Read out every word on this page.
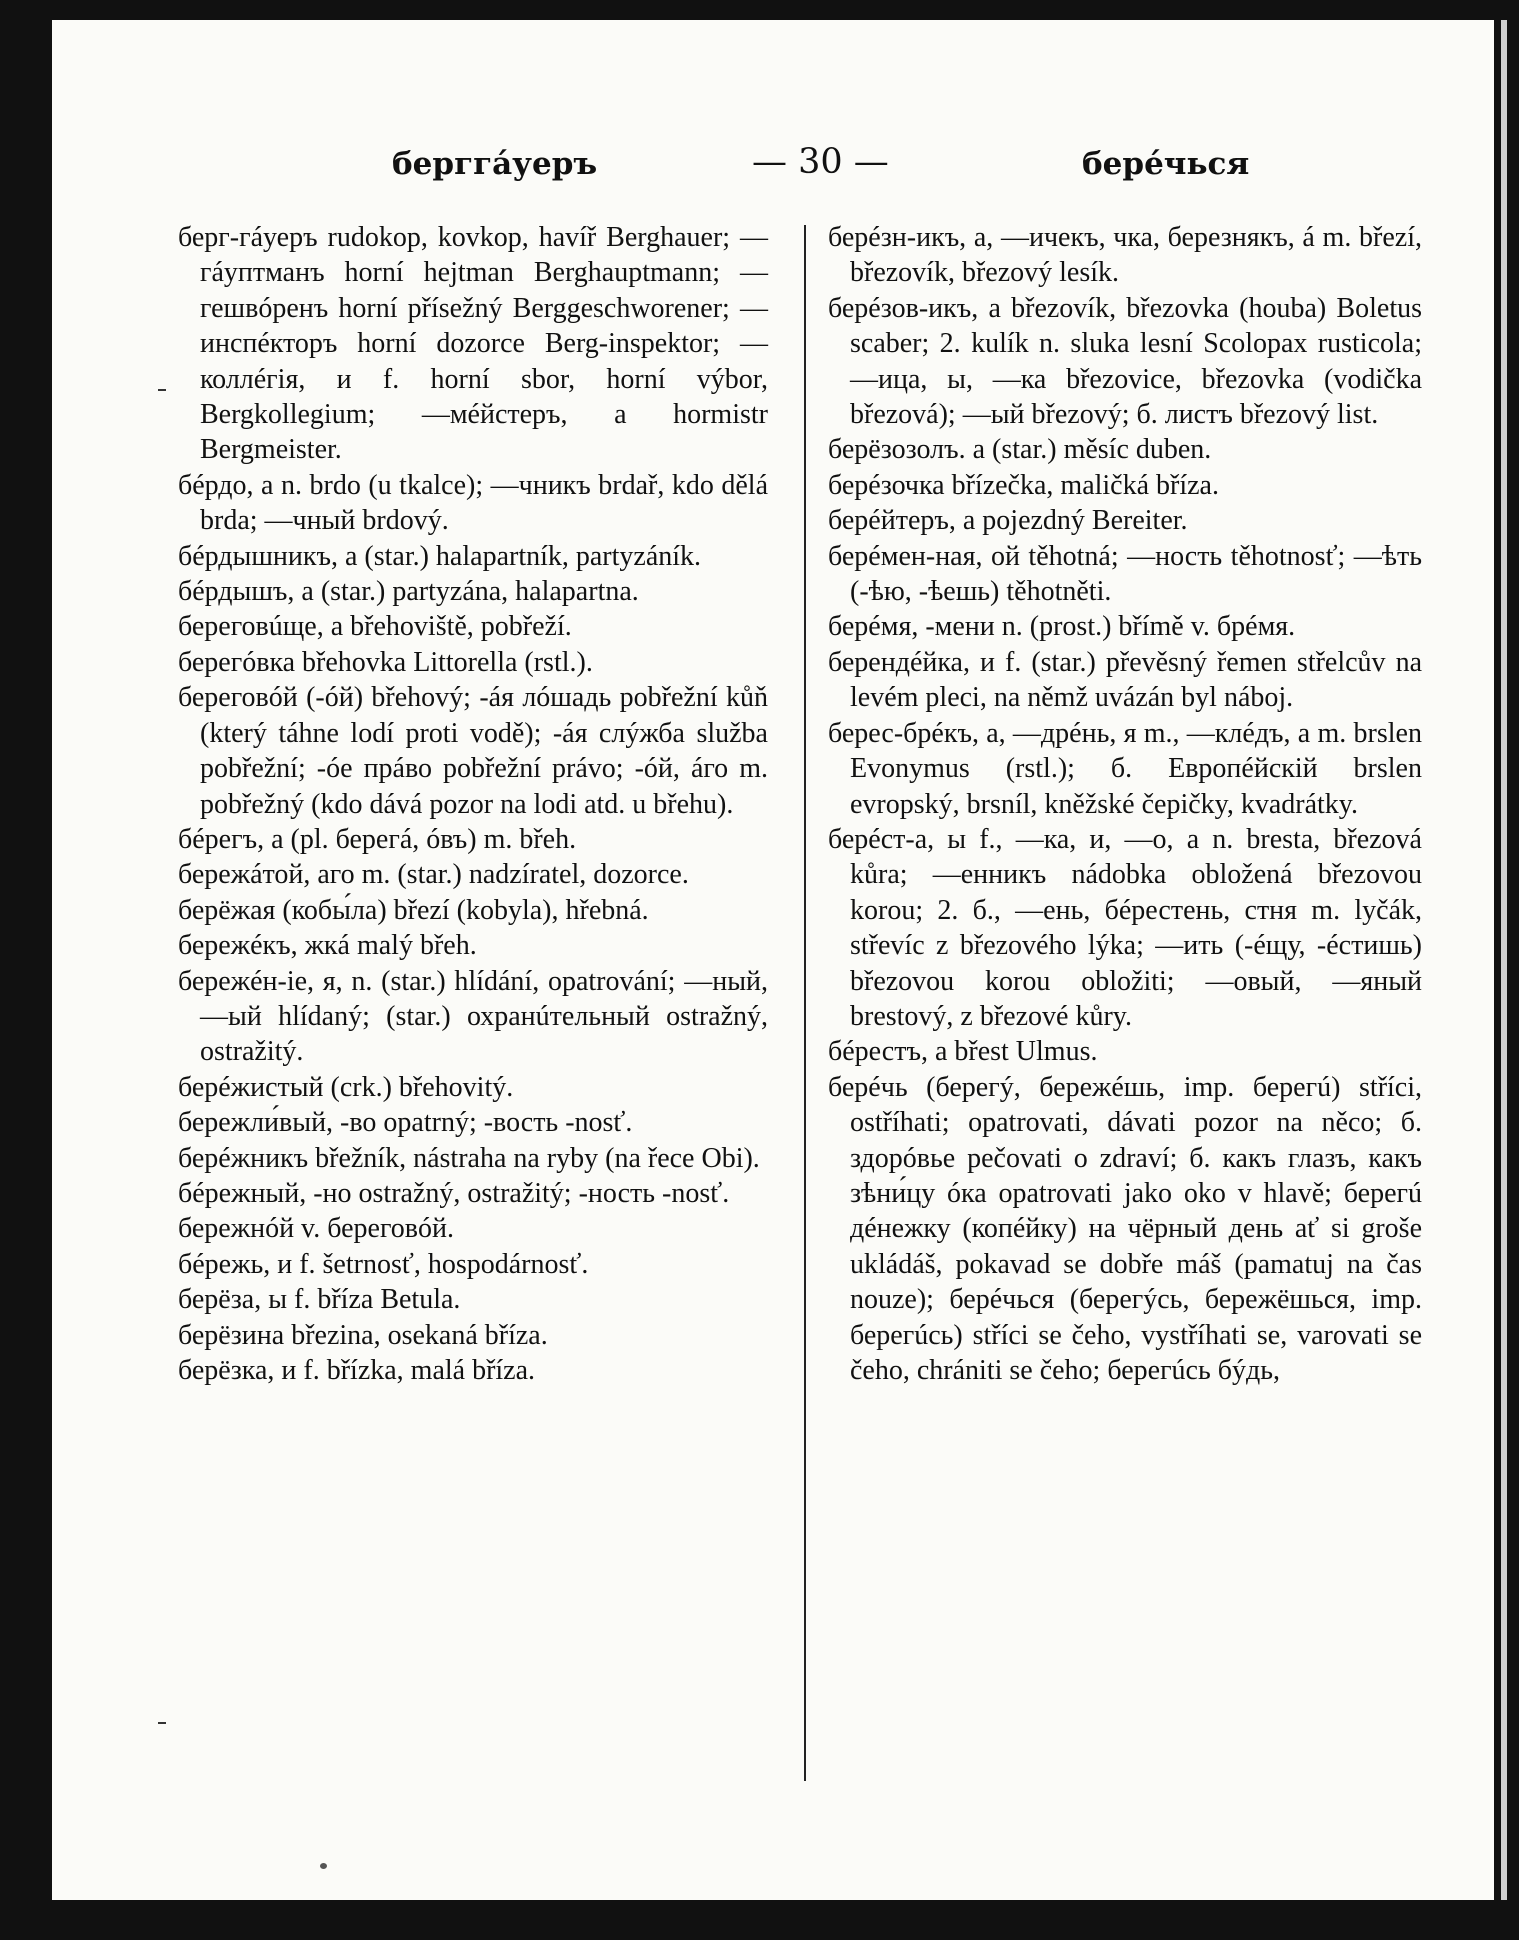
берггáуеръ	— 30 —	берéчься

берг-гáуеръ rudokop, kovkop, havíř Berghauer; —гáуптманъ horní hejtman Berghauptmann; —гешвóренъ horní přísežný Berggeschworener; —инспéкторъ horní dozorce Berg-inspektor; —коллéгія, и f. horní sbor, horní výbor, Bergkollegium; —мéйстеръ, a hormistr Bergmeister.

бéрдо, a n. brdo (u tkalce); —чникъ brdař, kdo dělá brda; —чный brdový.

бéрдышникъ, a (star.) halapartník, partyzáník.

бéрдышъ, a (star.) partyzána, halapartna.

береговúще, a břehoviště, pobřeží.

берегóвка břehovka Littorella (rstl.).

береговóй (-óй) břehový; -áя лóшадь pobřežní kůň (který táhne lodí proti vodě); -áя слýжба služba pobřežní; -óе прáво pobřežní právo; -óй, áго m. pobřežný (kdo dává pozor na lodi atd. u břehu).

бéрегъ, a (pl. берегá, óвъ) m. břeh.

бережáтой, аго m. (star.) nadzíratel, dozorce.

берёжая (кобы́ла) březí (kobyla), hřebná.

бережéкъ, жкá malý břeh.

бережéн-іе, я, n. (star.) hlídání, opatrování; —ный, —ый hlídaný; (star.) охранúтельный ostražný, ostražitý.

берéжистый (crk.) břehovitý.

бережли́вый, -во opatrný; -вость -nosť.

берéжникъ břežník, nástraha na ryby (na řece Obi).

бéрежный, -но ostražný, ostražitý; -ность -nosť.

бережнóй v. береговóй.

бéрежь, и f. šetrnosť, hospodárnosť.

берёза, ы f. bříza Betula.

берёзина březina, osekaná bříza.

берёзка, и f. břízka, malá bříza.

берéзн-икъ, a, —ичекъ, чка, березнякъ, á m. březí, březovík, březový lesík.

берéзов-икъ, a březovík, březovka (houba) Boletus scaber; 2. kulík n. sluka lesní Scolopax rusticola; —ица, ы, —ка březovice, březovka (vodička březová); —ый březový; б. листъ březový list.

берёзозолъ. a (star.) měsíc duben.

берéзочка břízečka, maličká bříza.

берéйтеръ, a pojezdný Bereiter.

берéмен-ная, ой těhotná; —ность těhotnosť; —ѣть (-ѣю, -ѣешь) těhotněti.

берéмя, -мени n. (prost.) břímě v. брéмя.

берендéйка, и f. (star.) převěsný řemen střelcův na levém pleci, na němž uvázán byl náboj.

берес-брéкъ, a, —дрéнь, я m., —клéдъ, a m. brslen Evonymus (rstl.); б. Европéйскій brslen evropský, brsníl, kněžské čepičky, kvadrátky.

берéст-а, ы f., —ка, и, —о, a n. bresta, březová kůra; —енникъ nádobka obložená březovou korou; 2. б., —ень, бéрестень, стня m. lyčák, střevíc z březového lýka; —ить (-éщу, -éстишь) březovou korou obložiti; —овый, —яный brestový, z březové kůry.

бéрестъ, a břest Ulmus.

берéчь (берегý, бережéшь, imp. берегú) stříci, ostříhati; opatrovati, dávati pozor na něco; б. здорóвье pečovati o zdraví; б. какъ глазъ, какъ зѣни́цу óка opatrovati jako oko v hlavě; берегú дéнежку (копéйку) на чёрный день ať si groše ukládáš, pokavad se dobře máš (pamatuj na čas nouze); берéчься (берегýсь, бережёшься, imp. берегúсь) stříci se čeho, vystříhati se, varovati se čeho, chrániti se čeho; берегúсь бýдь,
